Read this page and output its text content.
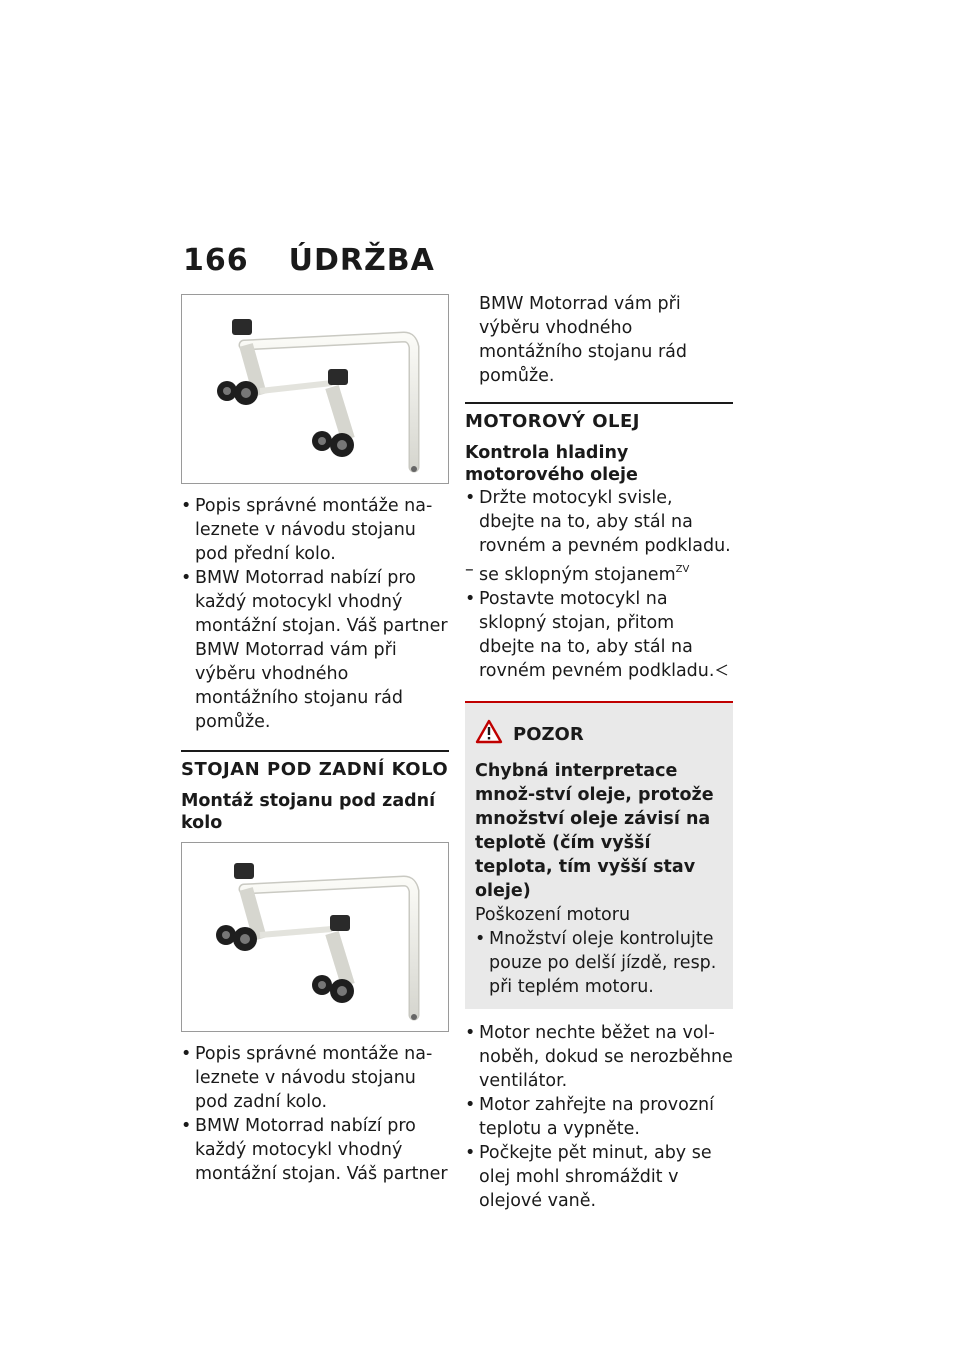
166 ÚDRŽBA

• Popis správné montáže na-leznete v návodu stojanu pod přední kolo.

• BMW Motorrad nabízí pro každý motocykl vhodný montážní stojan. Váš partner BMW Motorrad vám při výběru vhodného montážního stojanu rád pomůže.

STOJAN POD ZADNÍ KOLO

Montáž stojanu pod zadní kolo

• Popis správné montáže na-leznete v návodu stojanu pod zadní kolo.

• BMW Motorrad nabízí pro každý motocykl vhodný montážní stojan. Váš partner

BMW Motorrad vám při výběru vhodného montážního stojanu rád pomůže.

MOTOROVÝ OLEJ

Kontrola hladiny motorového oleje

• Držte motocykl svisle, dbejte na to, aby stál na rovném a pevném podkladu.

– se sklopným stojanem$^{ZV}$

• Postavte motocykl na sklopný stojan, přitom dbejte na to, aby stál na rovném pevném podkladu.

POZOR

Chybná interpretace množ-ství oleje, protože množství oleje závisí na teplotě (čím vyšší teplota, tím vyšší stav oleje)

Poškození motoru

• Množství oleje kontrolujte pouze po delší jízdě, resp. při teplém motoru.

• Motor nechte běžet na vol-noběh, dokud se nerozběhne ventilátor.

• Motor zahřejte na provozní teplotu a vypněte.

• Počkejte pět minut, aby se olej mohl shromáždit v olejové vaně.
